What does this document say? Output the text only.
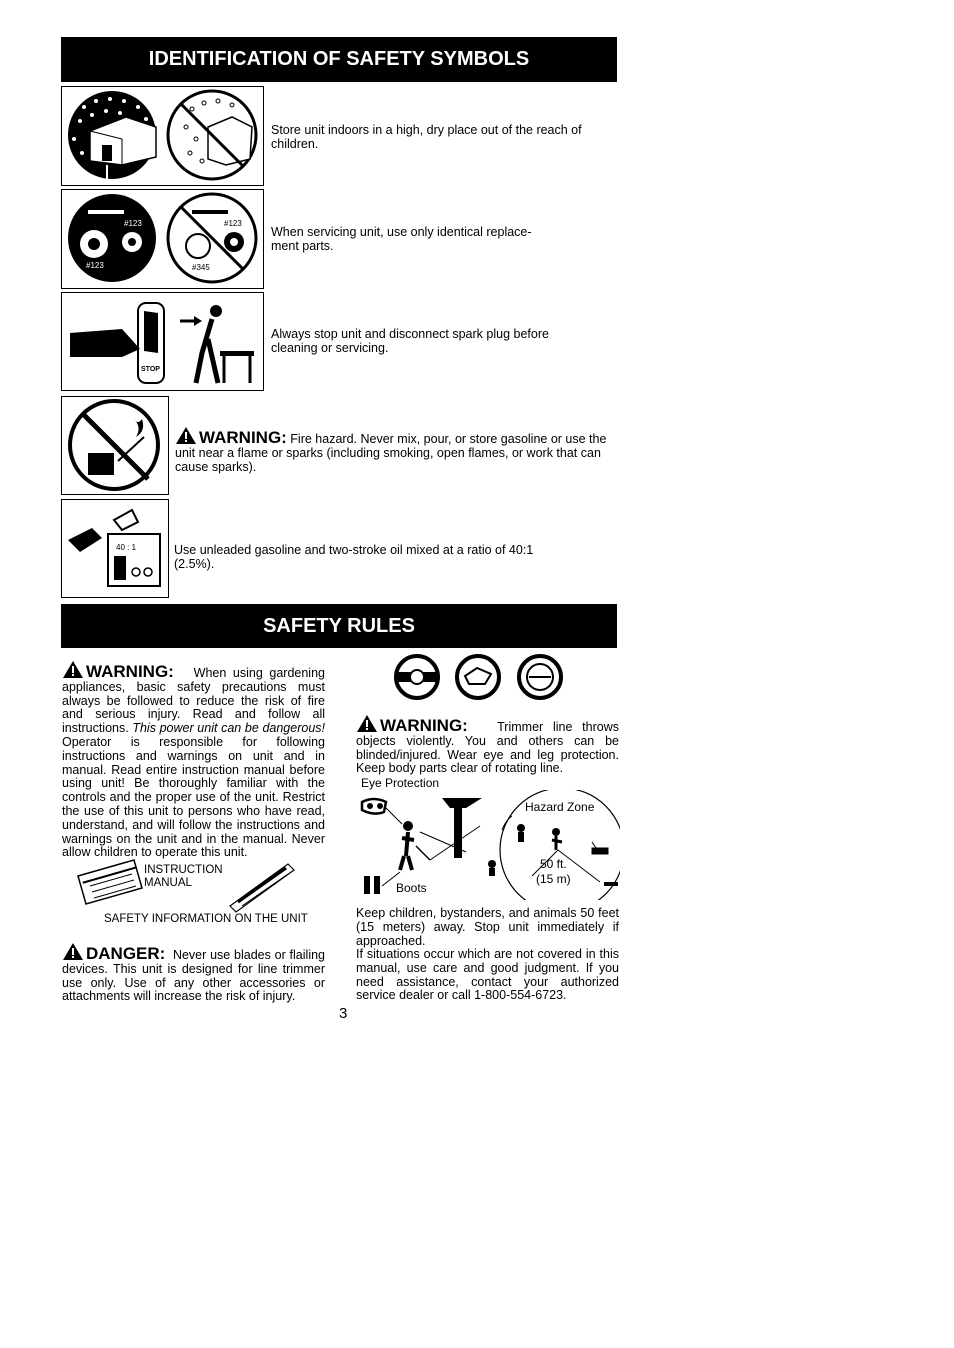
IDENTIFICATION OF SAFETY SYMBOLS
Store unit indoors in a high, dry place out of the reach of children.
#123
#123
#123
#345
When servicing unit, use only identical replace-
ment parts.
STOP
Always stop unit and disconnect spark plug before cleaning or servicing.
WARNING: Fire hazard. Never mix, pour, or store gasoline or use the unit near a flame or sparks (including smoking, open flames, or work that can cause sparks).
40 : 1	Use unleaded gasoline and two-stroke oil mixed at a ratio of 40:1 (2.5%).
SAFETY RULES
WARNING: When using gardening appliances, basic safety precautions must always be followed to reduce the risk of fire and serious injury. Read and follow all instructions. This power unit can be dangerous! Operator is responsible for following instructions and warnings on unit and in manual. Read entire instruction manual before using unit! Be thoroughly familiar with the controls and the proper use of the unit. Restrict the use of this unit to persons who have read, understand, and will follow the instructions and warnings on the unit and in the manual. Never allow children to operate this unit.
INSTRUCTION
MANUAL
SAFETY INFORMATION ON THE UNIT
DANGER: Never use blades or flailing devices. This unit is designed for line trimmer use only. Use of any other accessories or attachments will increase the risk of injury.
WARNING: Trimmer line throws objects violently. You and others can be blinded/injured. Wear eye and leg protection. Keep body parts clear of rotating line.
Eye Protection
Hazard Zone
50 ft.
(15 m)
Boots
Keep children, bystanders, and animals 50 feet (15 meters) away. Stop unit immediately if approached.
If situations occur which are not covered in this manual, use care and good judgment. If you need assistance, contact your authorized service dealer or call 1-800-554-6723.
3
